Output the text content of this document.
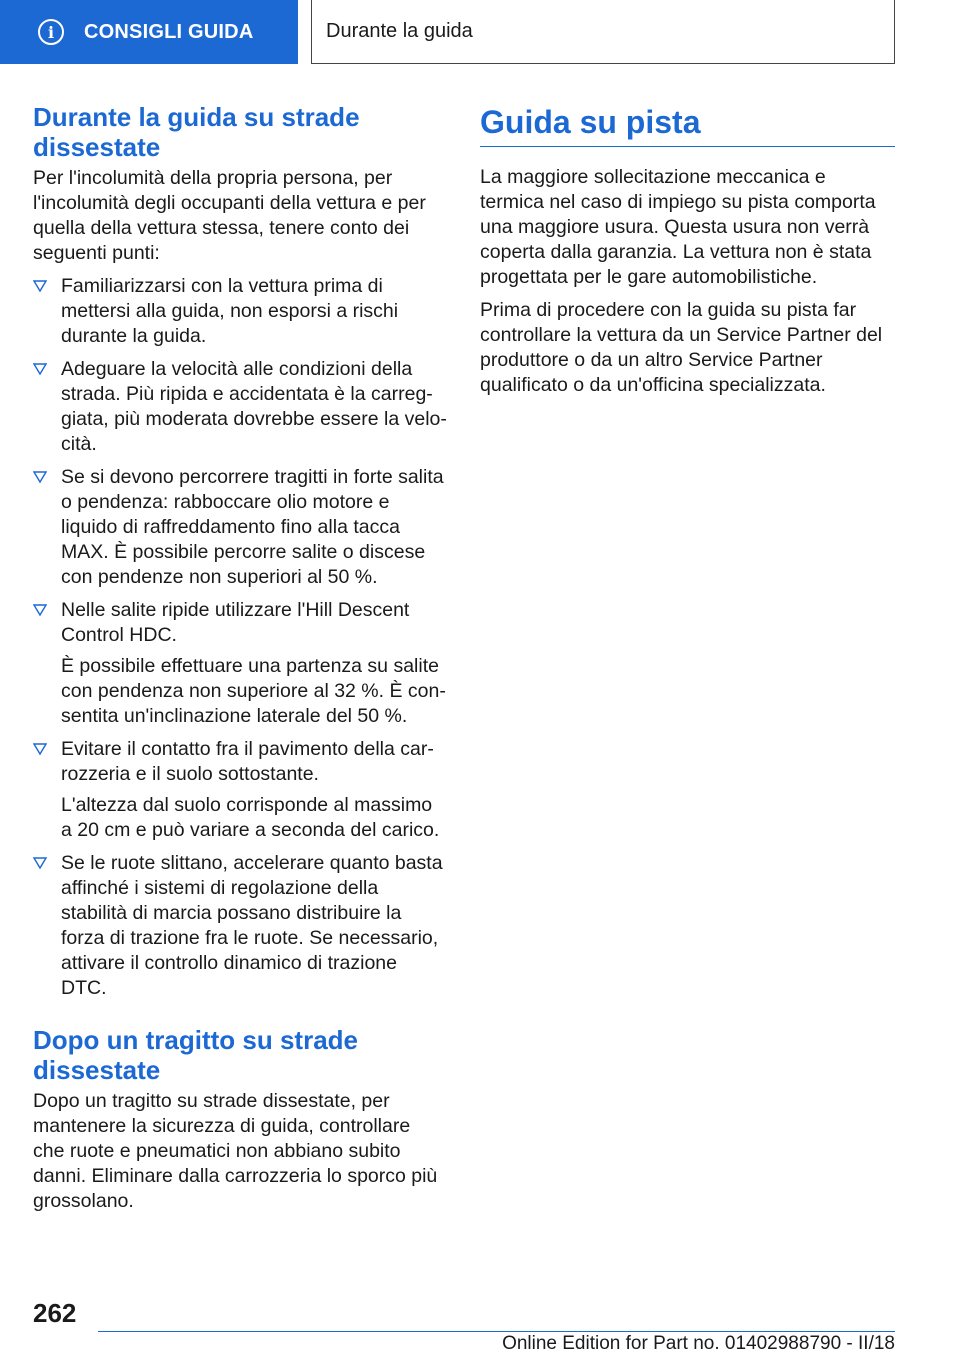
i	CONSIGLI GUIDA	Durante la guida
Durante la guida su strade dissestate

Per l'incolumità della propria persona, per l'incolumità degli occupanti della vettura e per quella della vettura stessa, tenere conto dei seguenti punti:

Familiarizzarsi con la vettura prima di mettersi alla guida, non esporsi a rischi durante la guida.

Adeguare la velocità alle condizioni della strada. Più ripida e accidentata è la carreggiata, più moderata dovrebbe essere la velocità.

Se si devono percorrere tragitti in forte salita o pendenza: rabboccare olio motore e liquido di raffreddamento fino alla tacca MAX. È possibile percorre salite o discese con pendenze non superiori al 50 %.

Nelle salite ripide utilizzare l'Hill Descent Control HDC.

È possibile effettuare una partenza su salite con pendenza non superiore al 32 %. È consentita un'inclinazione laterale del 50 %.

Evitare il contatto fra il pavimento della carrozzeria e il suolo sottostante.

L'altezza dal suolo corrisponde al massimo a 20 cm e può variare a seconda del carico.

Se le ruote slittano, accelerare quanto basta affinché i sistemi di regolazione della stabilità di marcia possano distribuire la forza di trazione fra le ruote. Se necessario, attivare il controllo dinamico di trazione DTC.

Dopo un tragitto su strade dissestate

Dopo un tragitto su strade dissestate, per mantenere la sicurezza di guida, controllare che ruote e pneumatici non abbiano subito danni. Eliminare dalla carrozzeria lo sporco più grossolano.

Guida su pista

La maggiore sollecitazione meccanica e termica nel caso di impiego su pista comporta una maggiore usura. Questa usura non verrà coperta dalla garanzia. La vettura non è stata progettata per le gare automobilistiche.

Prima di procedere con la guida su pista far controllare la vettura da un Service Partner del produttore o da un altro Service Partner qualificato o da un'officina specializzata.

262
Online Edition for Part no. 01402988790 - II/18
